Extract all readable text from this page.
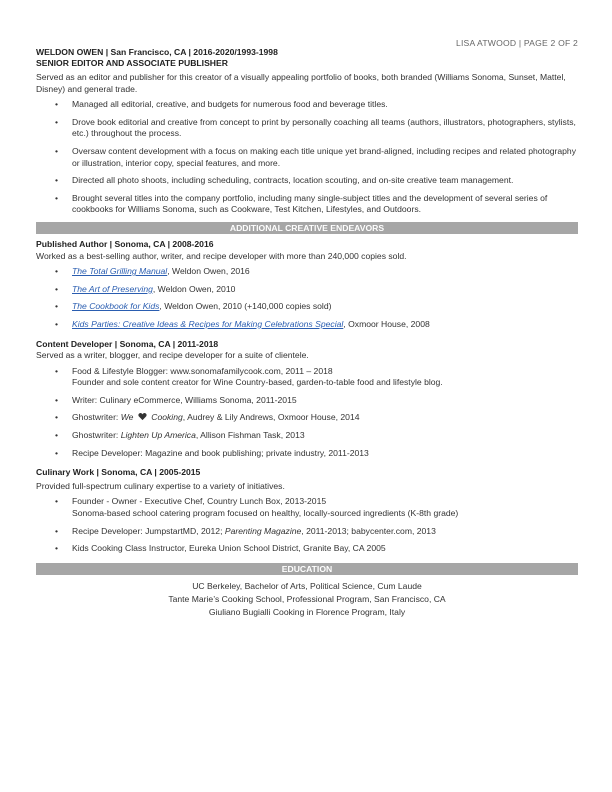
LISA ATWOOD | PAGE 2 OF 2
WELDON OWEN | San Francisco, CA | 2016-2020/1993-1998
SENIOR EDITOR AND ASSOCIATE PUBLISHER

Served as an editor and publisher for this creator of a visually appealing portfolio of books, both branded (Williams Sonoma, Sunset, Mattel, Disney) and general trade.

• Managed all editorial, creative, and budgets for numerous food and beverage titles.
• Drove book editorial and creative from concept to print by personally coaching all teams (authors, illustrators, photographers, stylists, etc.) throughout the process.
• Oversaw content development with a focus on making each title unique yet brand-aligned, including recipes and related photography or illustration, interior copy, special features, and more.
• Directed all photo shoots, including scheduling, contracts, location scouting, and on-site creative team management.
• Brought several titles into the company portfolio, including many single-subject titles and the development of several series of cookbooks for Williams Sonoma, such as Cookware, Test Kitchen, Lifestyles, and Outdoors.
ADDITIONAL CREATIVE ENDEAVORS
Published Author | Sonoma, CA | 2008-2016

Worked as a best-selling author, writer, and recipe developer with more than 240,000 copies sold.

• The Total Grilling Manual, Weldon Owen, 2016
• The Art of Preserving, Weldon Owen, 2010
• The Cookbook for Kids, Weldon Owen, 2010 (+140,000 copies sold)
• Kids Parties: Creative Ideas & Recipes for Making Celebrations Special, Oxmoor House, 2008
Content Developer | Sonoma, CA | 2011-2018

Served as a writer, blogger, and recipe developer for a suite of clientele.

• Food & Lifestyle Blogger: www.sonomafamilycook.com, 2011 – 2018
Founder and sole content creator for Wine Country-based, garden-to-table food and lifestyle blog.
• Writer: Culinary eCommerce, Williams Sonoma, 2011-2015
• Ghostwriter: We Cooking, Audrey & Lily Andrews, Oxmoor House, 2014
• Ghostwriter: Lighten Up America, Allison Fishman Task, 2013
• Recipe Developer: Magazine and book publishing; private industry, 2011-2013
Culinary Work | Sonoma, CA | 2005-2015

Provided full-spectrum culinary expertise to a variety of initiatives.

• Founder - Owner - Executive Chef, Country Lunch Box, 2013-2015
Sonoma-based school catering program focused on healthy, locally-sourced ingredients (K-8th grade)
• Recipe Developer: JumpstartMD, 2012; Parenting Magazine, 2011-2013; babycenter.com, 2013
• Kids Cooking Class Instructor, Eureka Union School District, Granite Bay, CA 2005
EDUCATION
UC Berkeley, Bachelor of Arts, Political Science, Cum Laude
Tante Marie’s Cooking School, Professional Program, San Francisco, CA
Giuliano Bugialli Cooking in Florence Program, Italy
